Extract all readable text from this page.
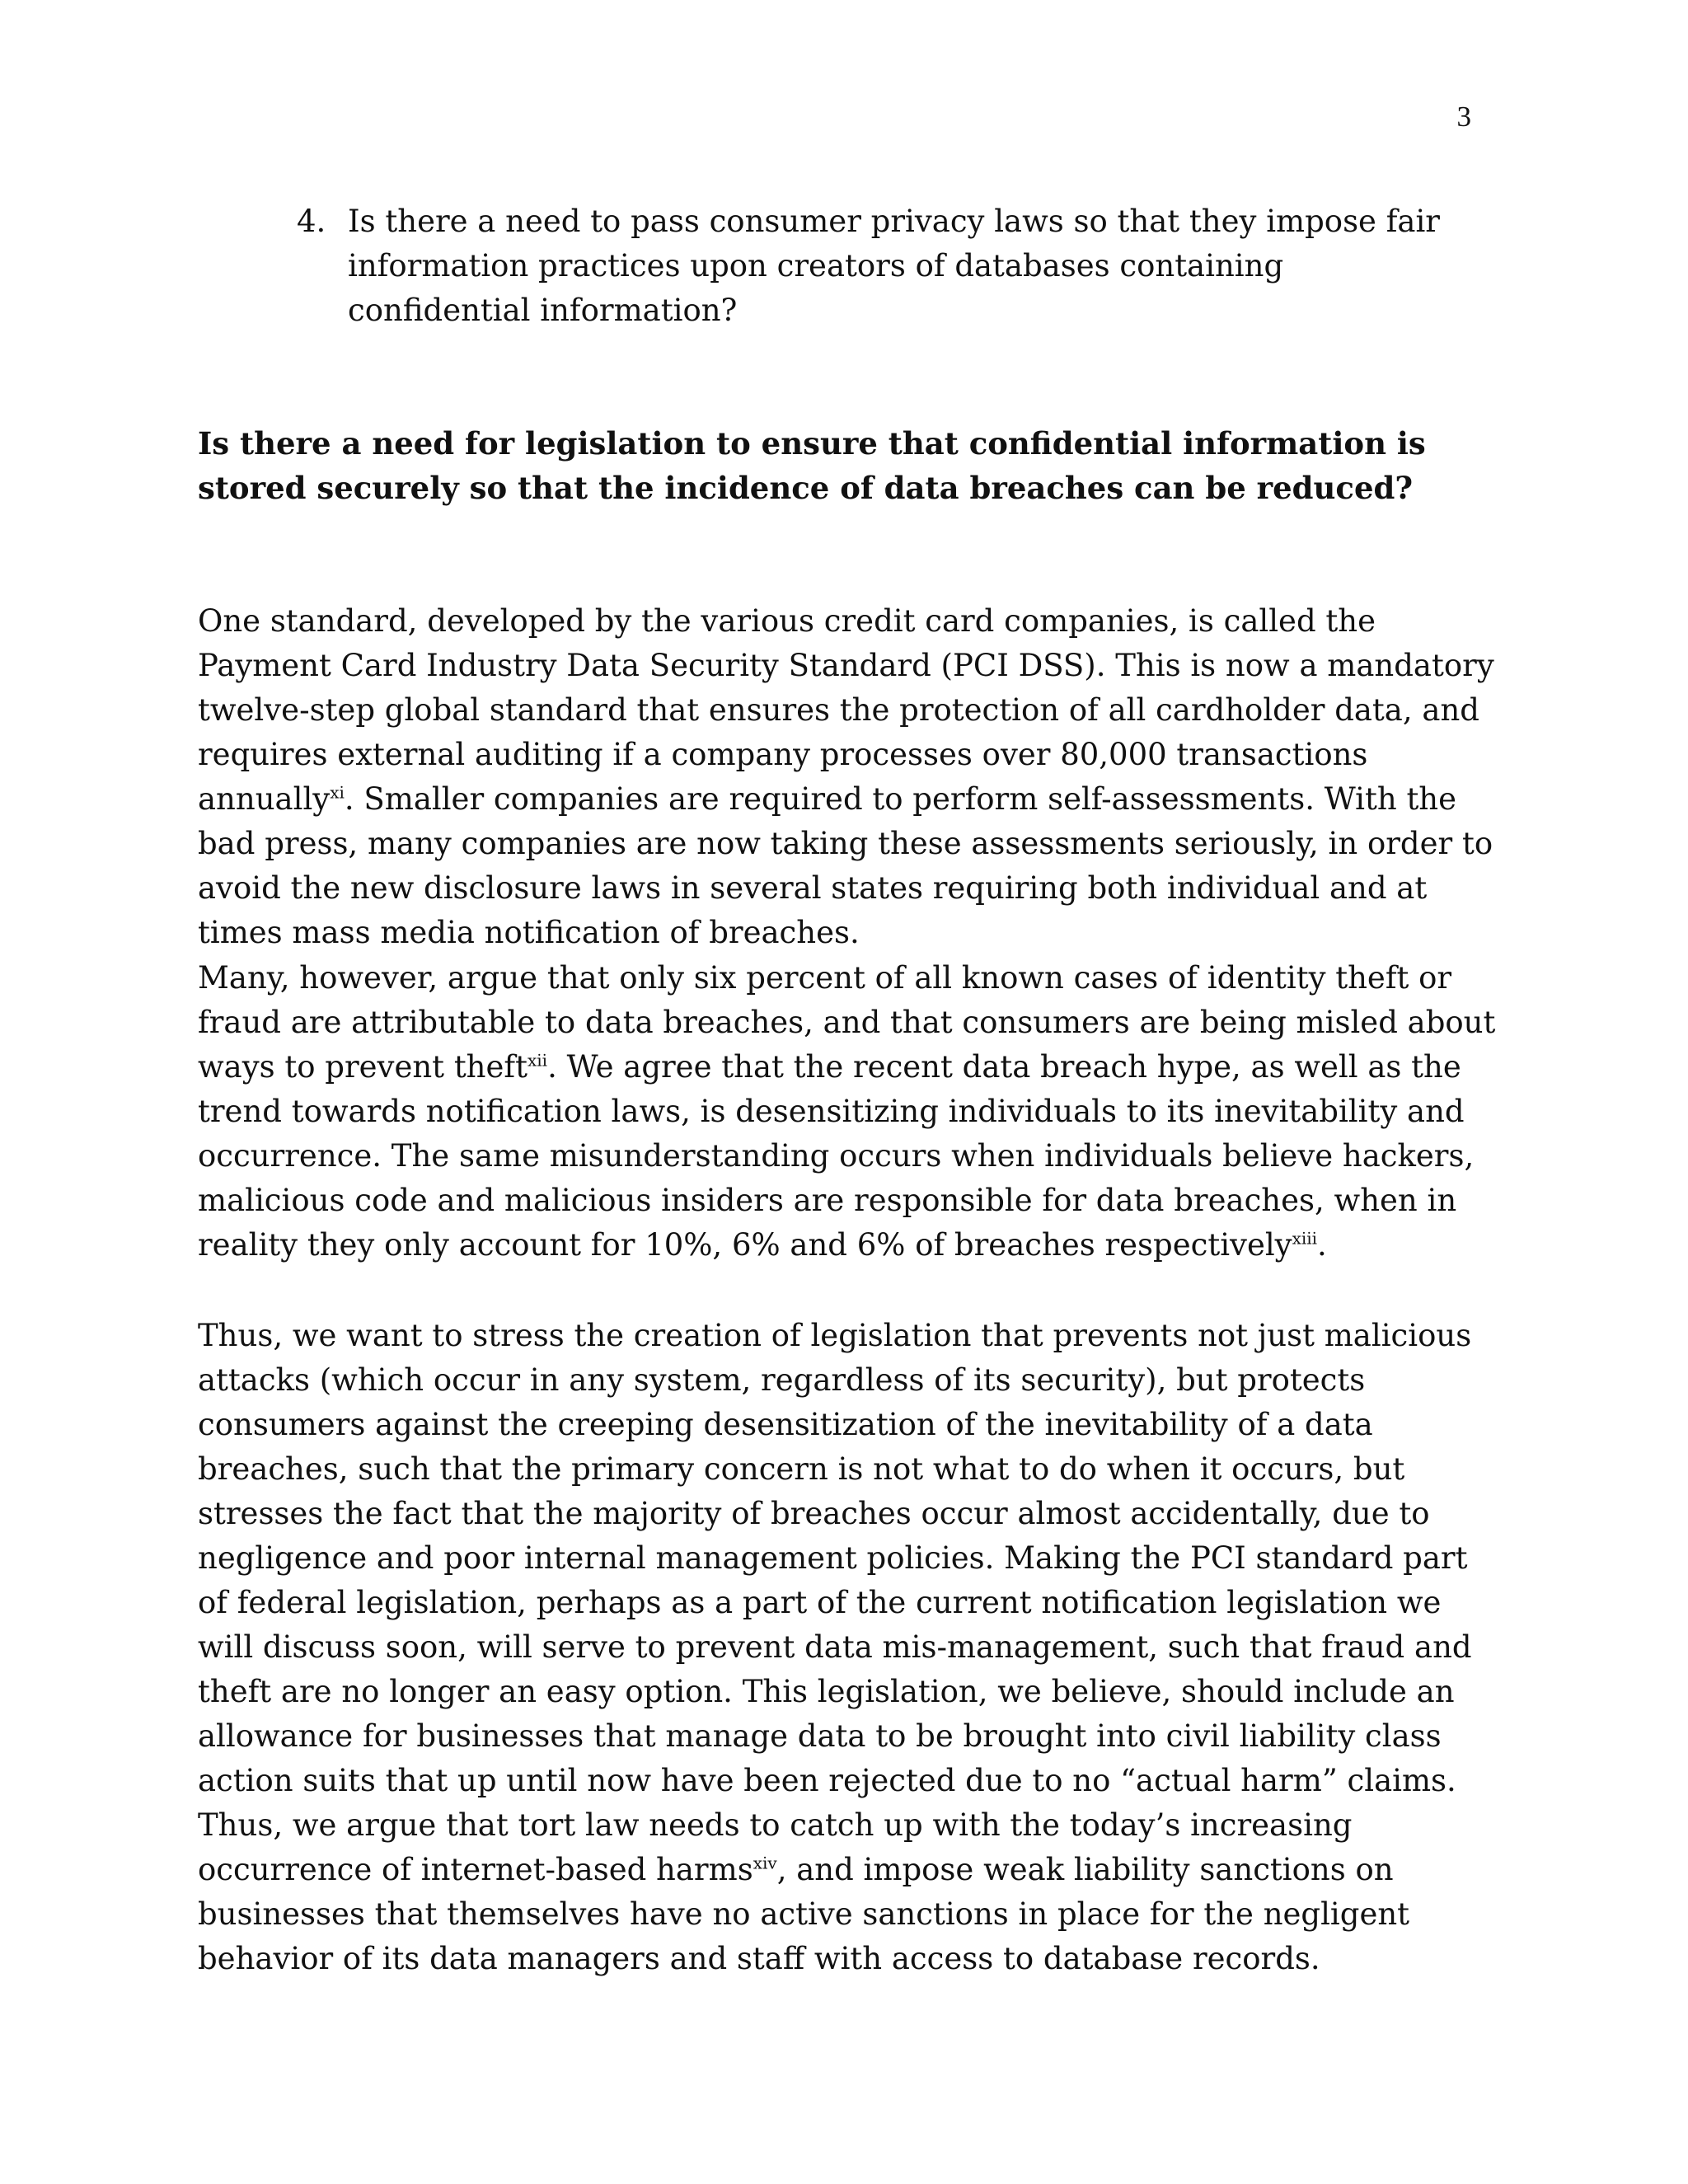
3
4. Is there a need to pass consumer privacy laws so that they impose fair information practices upon creators of databases containing confidential information?
Is there a need for legislation to ensure that confidential information is stored securely so that the incidence of data breaches can be reduced?

One standard, developed by the various credit card companies, is called the Payment Card Industry Data Security Standard (PCI DSS). This is now a mandatory twelve-step global standard that ensures the protection of all cardholder data, and requires external auditing if a company processes over 80,000 transactions annually$^{xi}$. Smaller companies are required to perform self-assessments. With the bad press, many companies are now taking these assessments seriously, in order to avoid the new disclosure laws in several states requiring both individual and at times mass media notification of breaches.

Many, however, argue that only six percent of all known cases of identity theft or fraud are attributable to data breaches, and that consumers are being misled about ways to prevent theft$^{xii}$. We agree that the recent data breach hype, as well as the trend towards notification laws, is desensitizing individuals to its inevitability and occurrence. The same misunderstanding occurs when individuals believe hackers, malicious code and malicious insiders are responsible for data breaches, when in reality they only account for 10%, 6% and 6% of breaches respectively$^{xiii}$.

Thus, we want to stress the creation of legislation that prevents not just malicious attacks (which occur in any system, regardless of its security), but protects consumers against the creeping desensitization of the inevitability of a data breaches, such that the primary concern is not what to do when it occurs, but stresses the fact that the majority of breaches occur almost accidentally, due to negligence and poor internal management policies. Making the PCI standard part of federal legislation, perhaps as a part of the current notification legislation we will discuss soon, will serve to prevent data mis-management, such that fraud and theft are no longer an easy option. This legislation, we believe, should include an allowance for businesses that manage data to be brought into civil liability class action suits that up until now have been rejected due to no “actual harm” claims. Thus, we argue that tort law needs to catch up with the today’s increasing occurrence of internet-based harms$^{xiv}$, and impose weak liability sanctions on businesses that themselves have no active sanctions in place for the negligent behavior of its data managers and staff with access to database records.
